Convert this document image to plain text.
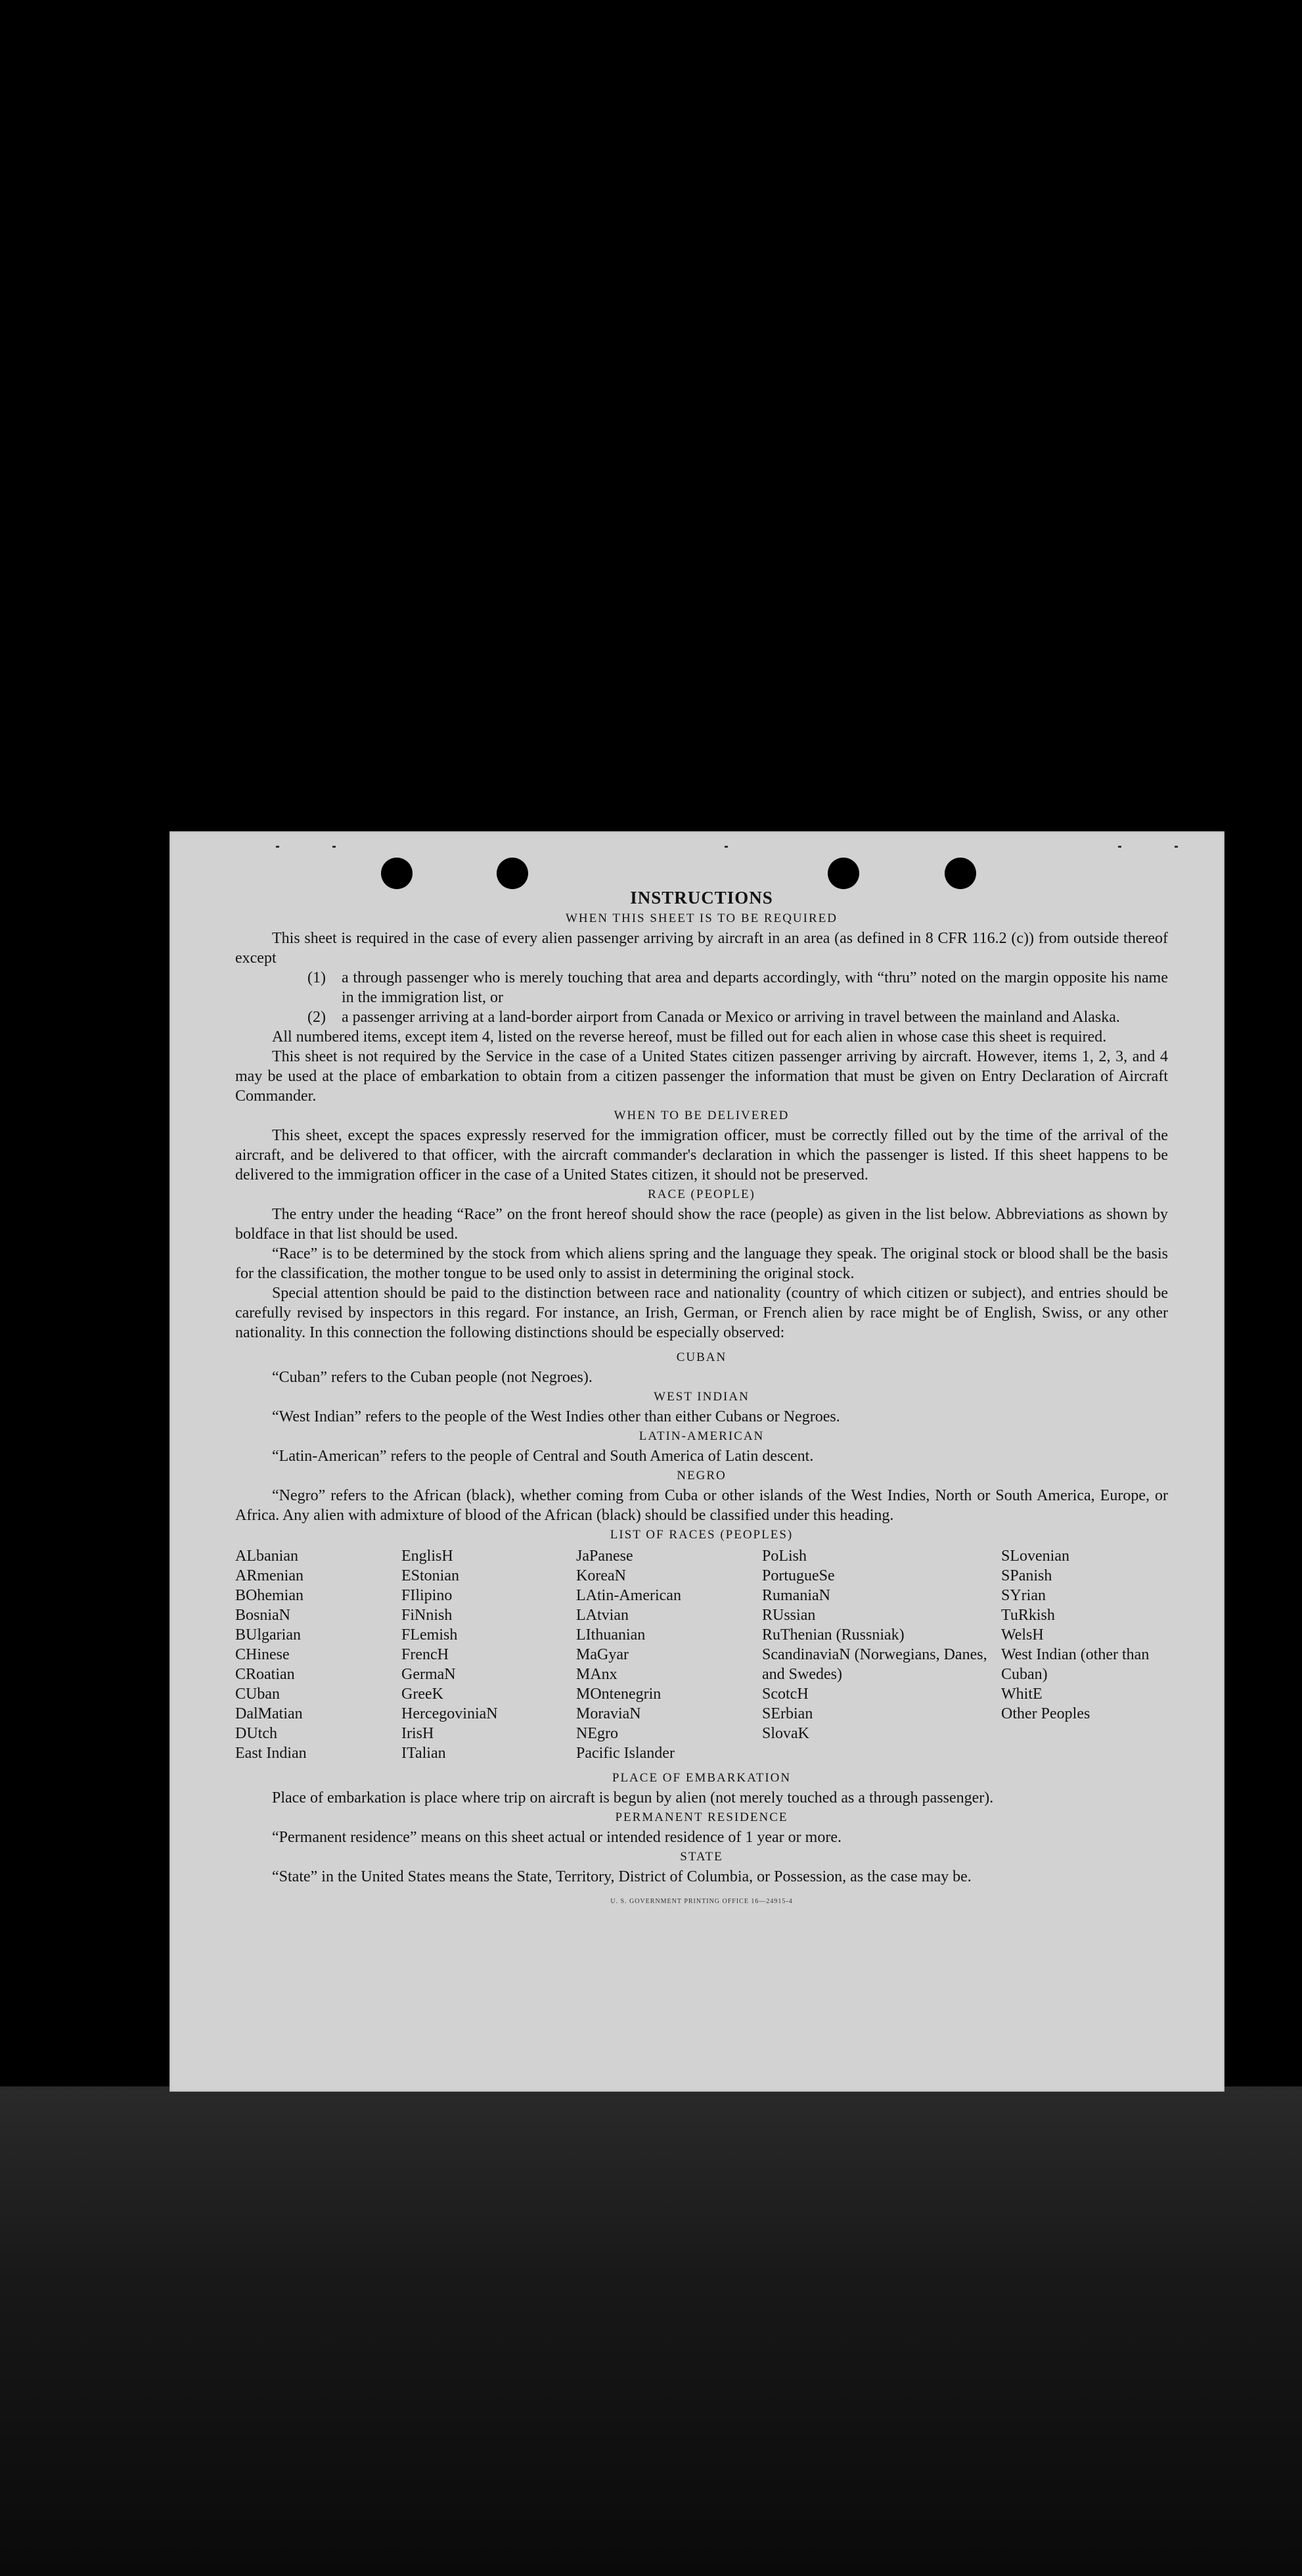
INSTRUCTIONS
WHEN THIS SHEET IS TO BE REQUIRED

This sheet is required in the case of every alien passenger arriving by aircraft in an area (as defined in 8 CFR 116.2 (c)) from outside thereof except

(1)	a through passenger who is merely touching that area and departs accordingly, with “thru” noted on the margin opposite his name in the immigration list, or
(2)	a passenger arriving at a land-border airport from Canada or Mexico or arriving in travel between the mainland and Alaska.

All numbered items, except item 4, listed on the reverse hereof, must be filled out for each alien in whose case this sheet is required.

This sheet is not required by the Service in the case of a United States citizen passenger arriving by aircraft. However, items 1, 2, 3, and 4 may be used at the place of embarkation to obtain from a citizen passenger the information that must be given on Entry Declaration of Aircraft Commander.

WHEN TO BE DELIVERED

This sheet, except the spaces expressly reserved for the immigration officer, must be correctly filled out by the time of the arrival of the aircraft, and be delivered to that officer, with the aircraft commander's declaration in which the passenger is listed. If this sheet happens to be delivered to the immigration officer in the case of a United States citizen, it should not be preserved.

RACE (PEOPLE)

The entry under the heading “Race” on the front hereof should show the race (people) as given in the list below. Abbreviations as shown by boldface in that list should be used.

“Race” is to be determined by the stock from which aliens spring and the language they speak. The original stock or blood shall be the basis for the classification, the mother tongue to be used only to assist in determining the original stock.

Special attention should be paid to the distinction between race and nationality (country of which citizen or subject), and entries should be carefully revised by inspectors in this regard. For instance, an Irish, German, or French alien by race might be of English, Swiss, or any other nationality. In this connection the following distinctions should be especially observed:

CUBAN

“Cuban” refers to the Cuban people (not Negroes).

WEST INDIAN

“West Indian” refers to the people of the West Indies other than either Cubans or Negroes.

LATIN-AMERICAN

“Latin-American” refers to the people of Central and South America of Latin descent.

NEGRO

“Negro” refers to the African (black), whether coming from Cuba or other islands of the West Indies, North or South America, Europe, or Africa. Any alien with admixture of blood of the African (black) should be classified under this heading.

LIST OF RACES (PEOPLES)
ALbanian
ARmenian
BOhemian
BosniaN
BUlgarian
CHinese
CRoatian
CUban
DalMatian
DUtch
East Indian
EnglisH
EStonian
FIlipino
FiNnish
FLemish
FrencH
GermaN
GreeK
HercegoviniaN
IrisH
ITalian
JaPanese
KoreaN
LAtin-American
LAtvian
LIthuanian
MaGyar
MAnx
MOntenegrin
MoraviaN
NEgro
Pacific Islander
PoLish
PortugueSe
RumaniaN
RUssian
RuThenian (Russniak)
ScandinaviaN (Norwegians, Danes, and Swedes)
ScotcH
SErbian
SlovaK
SLovenian
SPanish
SYrian
TuRkish
WelsH
West Indian (other than Cuban)
WhitE
Other Peoples
PLACE OF EMBARKATION

Place of embarkation is place where trip on aircraft is begun by alien (not merely touched as a through passenger).

PERMANENT RESIDENCE

“Permanent residence” means on this sheet actual or intended residence of 1 year or more.

STATE

“State” in the United States means the State, Territory, District of Columbia, or Possession, as the case may be.

U. S. GOVERNMENT PRINTING OFFICE 16—24915-4
